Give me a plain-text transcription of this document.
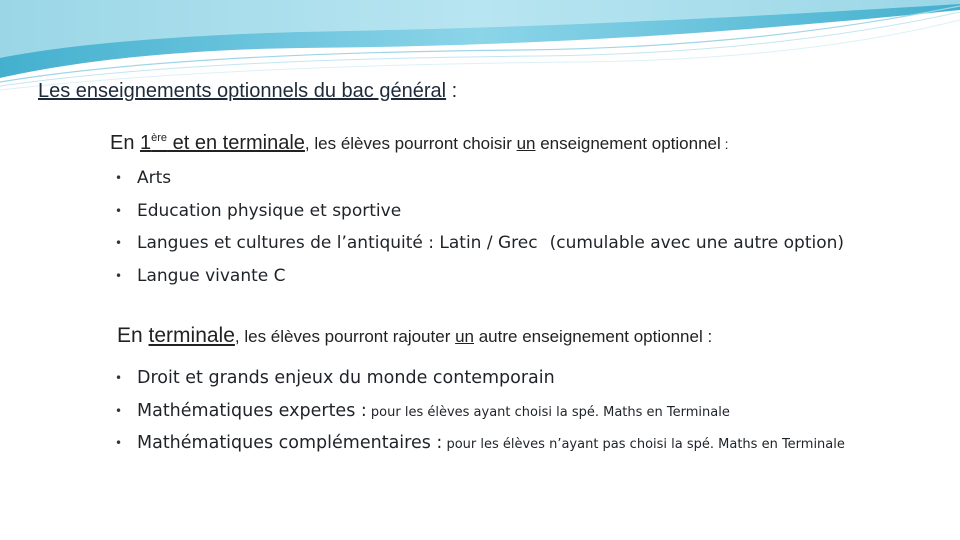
Les enseignements optionnels du bac général :
En 1ère et en terminale, les élèves pourront choisir un enseignement optionnel :
• Arts
• Education physique et sportive
• Langues et cultures de l’antiquité : Latin / Grec (cumulable avec une autre option)
• Langue vivante C
En terminale, les élèves pourront rajouter un autre enseignement optionnel :
• Droit et grands enjeux du monde contemporain
• Mathématiques expertes : pour les élèves ayant choisi la spé. Maths en Terminale
• Mathématiques complémentaires : pour les élèves n’ayant pas choisi la spé. Maths en Terminale
